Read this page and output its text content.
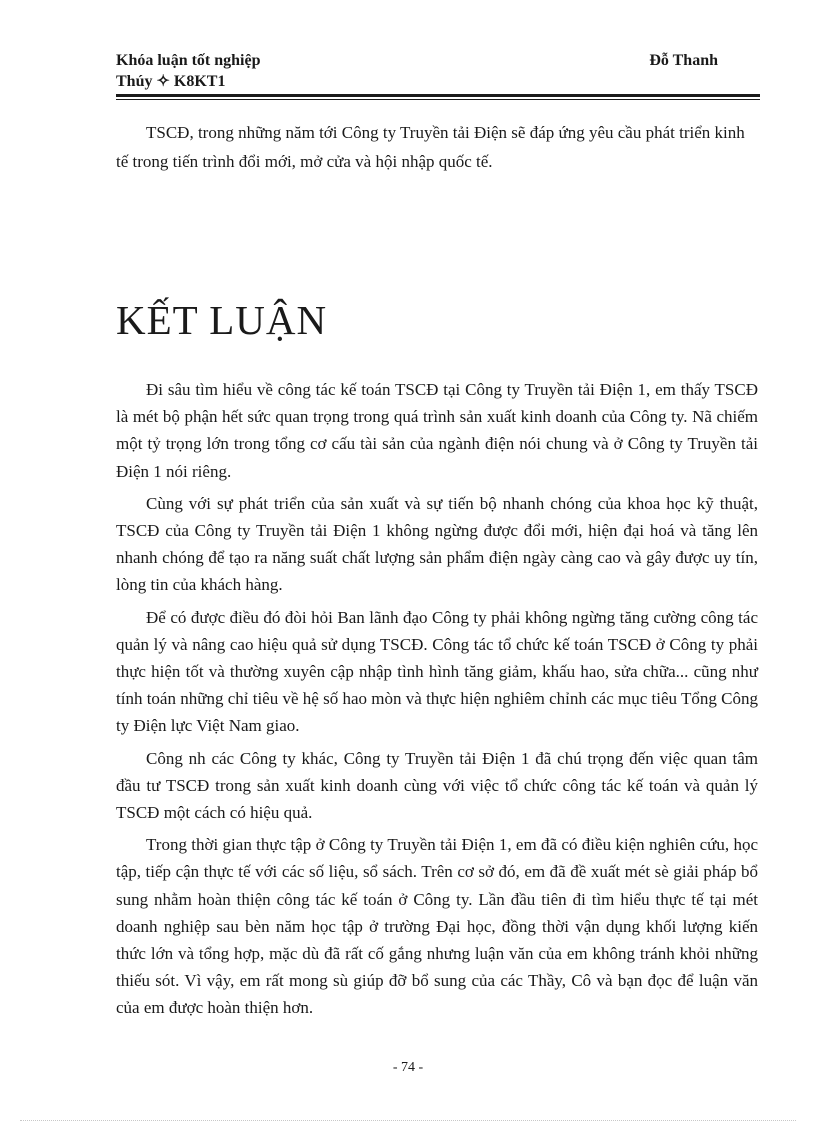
Khóa luận tốt nghiệp	Đỗ Thanh
Thúy ✧ K8KT1
TSCĐ, trong những năm tới Công ty Truyền tải Điện sẽ đáp ứng yêu cầu phát triển kinh tế trong tiến trình đổi mới, mở cửa và hội nhập quốc tế.
KẾT LUẬN

Đi sâu tìm hiểu về công tác kế toán TSCĐ tại Công ty Truyền tải Điện 1, em thấy TSCĐ là mét bộ phận hết sức quan trọng trong quá trình sản xuất kinh doanh của Công ty. Nã chiếm một tỷ trọng lớn trong tổng cơ cấu tài sản của ngành điện nói chung và ở Công ty Truyền tải Điện 1 nói riêng.

Cùng với sự phát triển của sản xuất và sự tiến bộ nhanh chóng của khoa học kỹ thuật, TSCĐ của Công ty Truyền tải Điện 1 không ngừng được đổi mới, hiện đại hoá và tăng lên nhanh chóng để tạo ra năng suất chất lượng sản phẩm điện ngày càng cao và gây được uy tín, lòng tin của khách hàng.

Để có được điều đó đòi hỏi Ban lãnh đạo Công ty phải không ngừng tăng cường công tác quản lý và nâng cao hiệu quả sử dụng TSCĐ. Công tác tổ chức kế toán TSCĐ ở Công ty phải thực hiện tốt và thường xuyên cập nhập tình hình tăng giảm, khấu hao, sửa chữa... cũng như tính toán những chỉ tiêu về hệ số hao mòn và thực hiện nghiêm chỉnh các mục tiêu Tổng Công ty Điện lực Việt Nam giao.

Công nh các Công ty khác, Công ty Truyền tải Điện 1 đã chú trọng đến việc quan tâm đầu tư TSCĐ trong sản xuất kinh doanh cùng với việc tổ chức công tác kế toán và quản lý TSCĐ một cách có hiệu quả.

Trong thời gian thực tập ở Công ty Truyền tải Điện 1, em đã có điều kiện nghiên cứu, học tập, tiếp cận thực tế với các số liệu, sổ sách. Trên cơ sở đó, em đã đề xuất mét sè giải pháp bổ sung nhằm hoàn thiện công tác kế toán ở Công ty. Lần đầu tiên đi tìm hiểu thực tế tại mét doanh nghiệp sau bèn năm học tập ở trường Đại học, đồng thời vận dụng khối lượng kiến thức lớn và tổng hợp, mặc dù đã rất cố gắng nhưng luận văn của em không tránh khỏi những thiếu sót. Vì vậy, em rất mong sù giúp đỡ bổ sung của các Thầy, Cô và bạn đọc để luận văn của em được hoàn thiện hơn.

- 74 -
